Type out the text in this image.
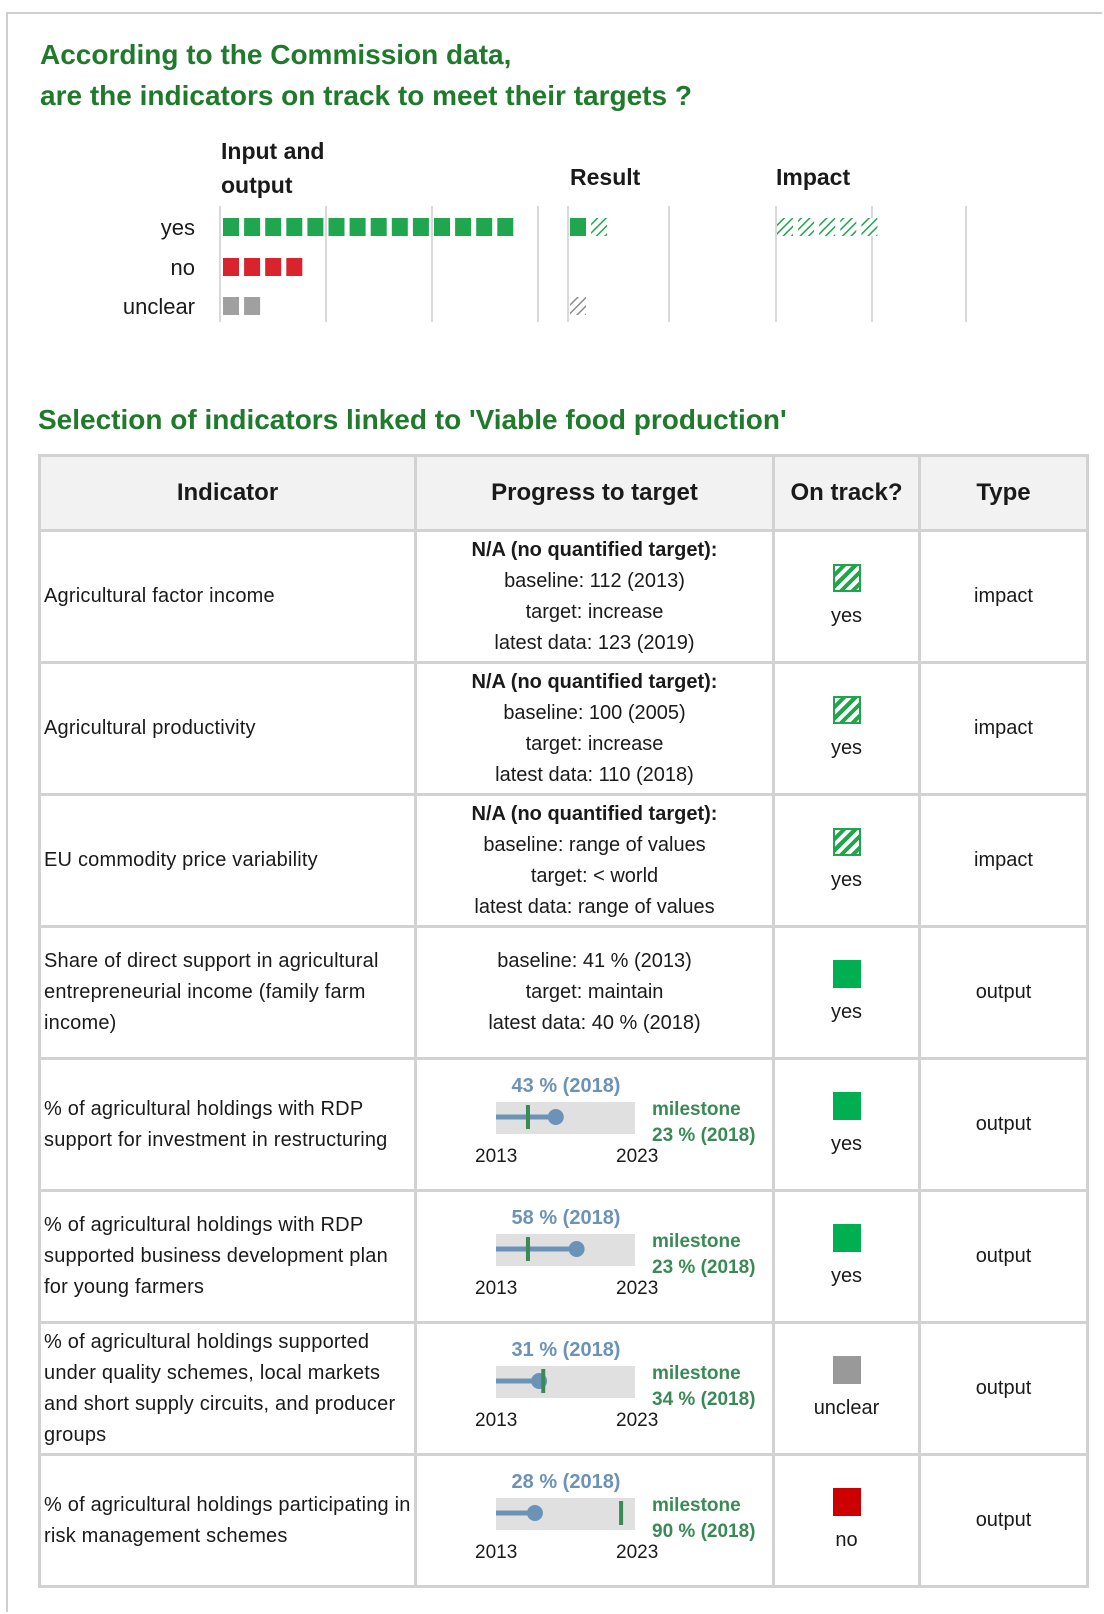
According to the Commission data,
are the indicators on track to meet their targets ?
yes
no
unclear
Input and
output	Result	Impact
Selection of indicators linked to 'Viable food production'
Indicator	Progress to target	On track?	Type
Agricultural factor income	N/A (no quantified target):
baseline: 112 (2013)
target: increase
latest data: 123 (2019)	yes	impact
Agricultural productivity	N/A (no quantified target):
baseline: 100 (2005)
target: increase
latest data: 110 (2018)	yes	impact
EU commodity price variability	N/A (no quantified target):
baseline: range of values
target: < world
latest data: range of values	yes	impact
Share of direct support in agricultural entrepreneurial income (family farm income)	baseline: 41 % (2013)
target: maintain
latest data: 40 % (2018)	yes	output
% of agricultural holdings with RDP support for investment in restructuring	43 % (2018)
2013 2023
milestone
23 % (2018)	yes	output
% of agricultural holdings with RDP supported business development plan for young farmers	58 % (2018)
2013 2023
milestone
23 % (2018)	yes	output
% of agricultural holdings supported under quality schemes, local markets and short supply circuits, and producer groups	31 % (2018)
2013 2023
milestone
34 % (2018)	unclear	output
% of agricultural holdings participating in risk management schemes	28 % (2018)
2013 2023
milestone
90 % (2018)	no	output
